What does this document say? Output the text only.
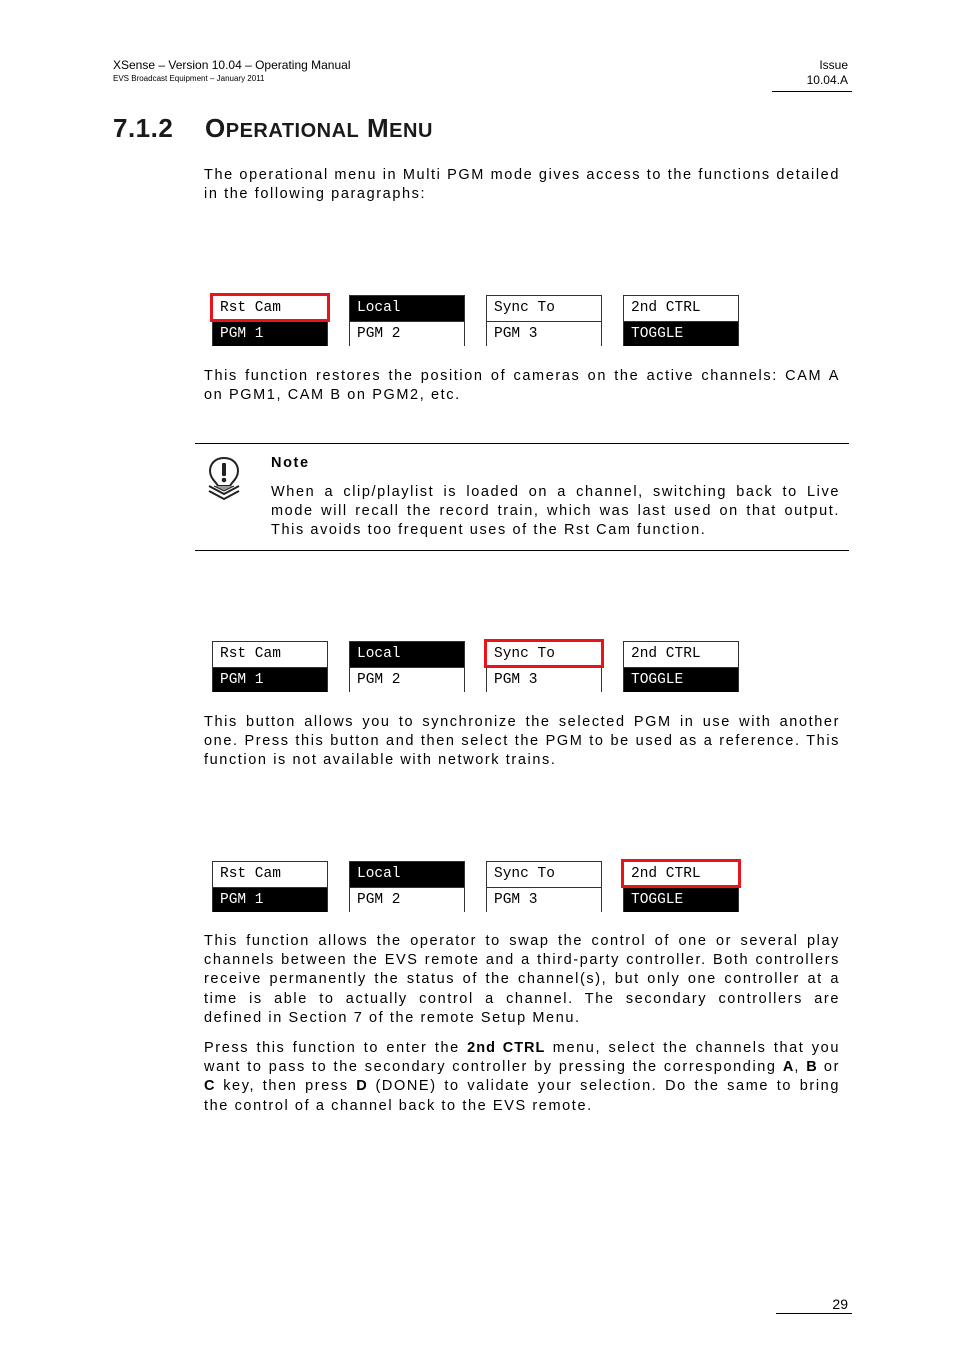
XSense – Version 10.04 – Operating Manual
EVS Broadcast Equipment – January 2011
Issue
10.04.A
7.1.2 OPERATIONAL MENU

The operational menu in Multi PGM mode gives access to the functions detailed in the following paragraphs:

Rst Cam
PGM 1
Local
PGM 2
Sync To
PGM 3
2nd CTRL
TOGGLE

This function restores the position of cameras on the active channels: CAM A on PGM1, CAM B on PGM2, etc.

Note

When a clip/playlist is loaded on a channel, switching back to Live mode will recall the record train, which was last used on that output. This avoids too frequent uses of the Rst Cam function.

Rst Cam
PGM 1
Local
PGM 2
Sync To
PGM 3
2nd CTRL
TOGGLE

This button allows you to synchronize the selected PGM in use with another one. Press this button and then select the PGM to be used as a reference. This function is not available with network trains.

Rst Cam
PGM 1
Local
PGM 2
Sync To
PGM 3
2nd CTRL
TOGGLE

This function allows the operator to swap the control of one or several play channels between the EVS remote and a third-party controller. Both controllers receive permanently the status of the channel(s), but only one controller at a time is able to actually control a channel. The secondary controllers are defined in Section 7 of the remote Setup Menu.

Press this function to enter the 2nd CTRL menu, select the channels that you want to pass to the secondary controller by pressing the corresponding A, B or C key, then press D (DONE) to validate your selection. Do the same to bring the control of a channel back to the EVS remote.

29
